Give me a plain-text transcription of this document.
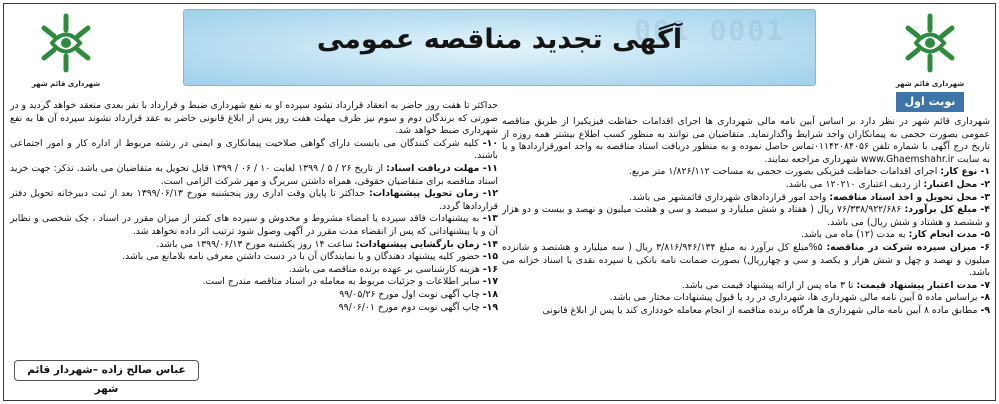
شهرداری قائم شهر	شهرداری قائم شهر
001 0001
آگهی تجدید مناقصه عمومی
نوبت اول

شهرداری قائم شهر در نظر دارد بر اساس آیین نامه مالی شهرداری ها اجرای اقدامات حفاظت فیزیکیرا از طریق مناقصه عمومی بصورت حجمی به پیمانکاران واجد شرایط واگذارنماید. متقاضیان می توانند به منظور کسب اطلاع بیشتر همه روزه از تاریخ درج آگهی با شماره تلفن ۰۱۱۴۲۰۸۴۰۵۶تماس حاصل نموده و به منظور دریافت اسناد مناقصه به واحد امورقراردادها و یا به سایت www.Ghaemshahr.ir شهرداری مراجعه نمایند.

۱- نوع کار: اجرای اقدامات حفاظت فیزیکی بصورت حجمی به مساحت ۱/۸۲۶/۱۱۲ متر مربع.

۲- محل اعتبار: از ردیف اعتباری ۱۲۰۲۱۰ می باشد.

۳- محل تحویل و اخذ اسناد مناقصه: واحد امور قراردادهای شهرداری قائمشهر می باشد.

۴- مبلغ کل برآورد: ۷۶/۳۳۸/۹۲۲/۶۸۶ ریال ( هفتاد و شش میلیارد و سیصد و سی و هشت میلیون و نهصد و بیست و دو هزار و ششصد و هشتاد و شش ریال) می باشد.

۵- مدت انجام کار: به مدت (۱۲) ماه می باشد.

۶- میزان سپرده شرکت در مناقصه: ۵%مبلغ کل برآورد به مبلغ ۳/۸۱۶/۹۴۶/۱۳۴ ریال ( سه میلیارد و هشتصد و شانزده میلیون و نهصد و چهل و شش هزار و یکصد و سی و چهارریال) بصورت ضمانت نامه بانکی یا سپرده نقدی یا اسناد خزانه می باشد.

۷- مدت اعتبار پیشنهاد قیمت: تا ۳ ماه پس از ارائه پیشنهاد قیمت می باشد.

۸- براساس ماده ۵ آیین نامه مالی شهرداری ها، شهرداری در رد یا قبول پیشنهادات مختار می باشد.

۹- مطابق ماده ۸ آیین نامه مالی شهرداری ها هرگاه برنده مناقصه از انجام معامله خودداری کند یا پس از ابلاغ قانونی

حداکثر تا هفت روز حاضر به انعقاد قرارداد نشود سپرده او به نفع شهرداری ضبط و قرارداد با نفر بعدی منعقد خواهد گردید و در صورتی که برندگان دوم و سوم نیز ظرف مهلت هفت روز پس از ابلاغ قانونی حاضر به عقد قرارداد نشوند سپرده آن ها به نفع شهرداری ضبط خواهد شد.

۱۰- کلیه شرکت کنندگان می بایست دارای گواهی صلاحیت پیمانکاری و ایمنی در رشته مربوط از اداره کار و امور اجتماعی باشند.

۱۱- مهلت دریافت اسناد: از تاریخ ۲۶ / ۵ / ۱۳۹۹ لغایت ۱۰ / ۰۶ / ۱۳۹۹ قابل تحویل به متقاضیان می باشد. تذکر: جهت خرید اسناد مناقصه برای متقاضیان حقوقی، همراه داشتن سربرگ و مهر شرکت الزامی است.

۱۲- زمان تحویل پیشنهادات: حداکثر تا پایان وقت اداری روز پنجشنبه مورخ ۱۳۹۹/۰۶/۱۳ بعد از ثبت دبیرخانه تحویل دفتر قراردادها گردد.

۱۳- به پیشنهادات فاقد سپرده یا امضاء مشروط و مخدوش و سپرده های کمتر از میزان مقرر در اسناد ، چک شخصی و نظایر آن و یا پیشنهاداتی که پس از انقضاء مدت مقرر در آگهی وصول شود ترتیب اثر داده نخواهد شد.

۱۴- زمان بازگشایی پیشنهادات: ساعت ۱۴ روز یکشنبه مورخ ۱۳۹۹/۰۶/۱۳ می باشد.

۱۵- حضور کلیه پیشنهاد دهندگان و یا نمایندگان آن با در دست داشتن معرفی نامه بلامانع می باشد.

۱۶- هزینه کارشناسی بر عهده برنده مناقصه می باشد.

۱۷- سایر اطلاعات و جزئیات مربوط به معامله در اسناد مناقصه مندرج است.

۱۸- چاپ آگهی نوبت اول مورخ ۹۹/۰۵/۲۶

۱۹- چاپ آگهی نوبت دوم مورخ ۹۹/۰۶/۰۱

عباس صالح زاده –شهردار قائم شهر
